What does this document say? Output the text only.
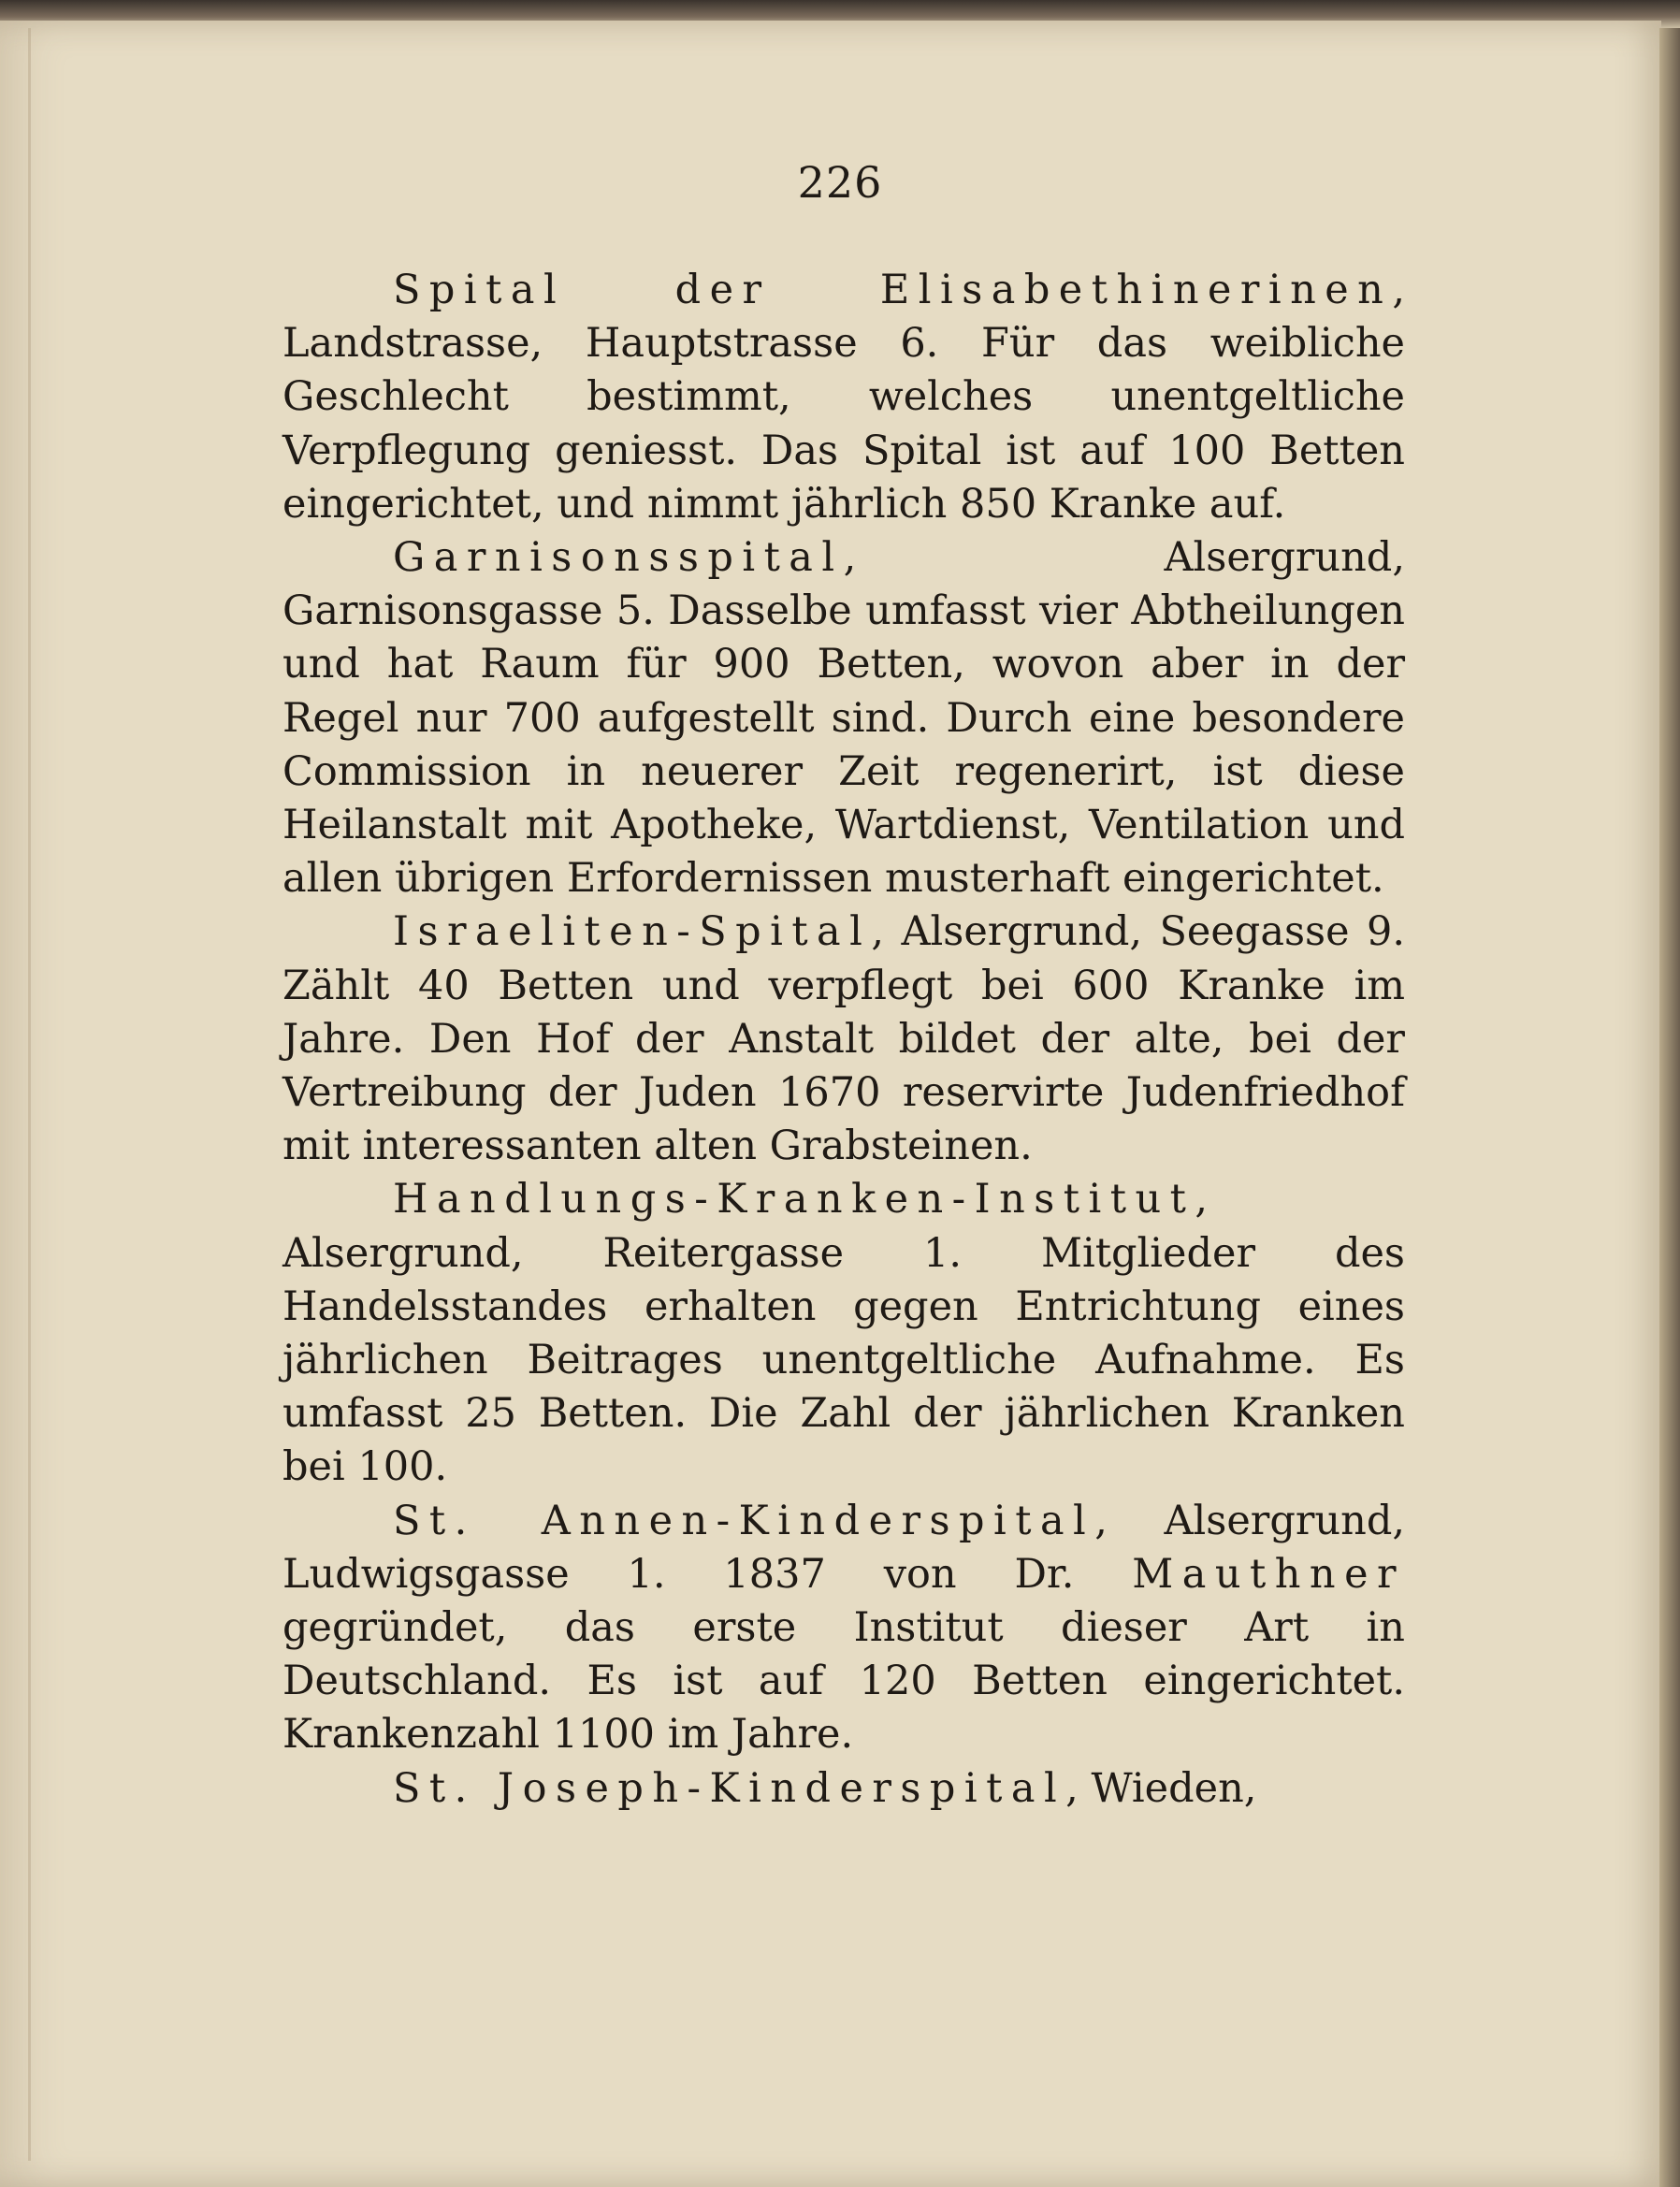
226

Spital der Elisabethinerinen, Landstrasse, Hauptstrasse 6. Für das weibliche Geschlecht bestimmt, welches unentgeltliche Verpflegung geniesst. Das Spital ist auf 100 Betten eingerichtet, und nimmt jährlich 850 Kranke auf.

Garnisonsspital, Alsergrund, Garnisonsgasse 5. Dasselbe umfasst vier Abtheilungen und hat Raum für 900 Betten, wovon aber in der Regel nur 700 aufgestellt sind. Durch eine besondere Commission in neuerer Zeit regenerirt, ist diese Heilanstalt mit Apotheke, Wartdienst, Ventilation und allen übrigen Erfordernissen musterhaft eingerichtet.

Israeliten-Spital, Alsergrund, Seegasse 9. Zählt 40 Betten und verpflegt bei 600 Kranke im Jahre. Den Hof der Anstalt bildet der alte, bei der Vertreibung der Juden 1670 reservirte Judenfriedhof mit interessanten alten Grabsteinen.

Handlungs-Kranken-Institut, Alsergrund, Reitergasse 1. Mitglieder des Handelsstandes erhalten gegen Entrichtung eines jährlichen Beitrages unentgeltliche Aufnahme. Es umfasst 25 Betten. Die Zahl der jährlichen Kranken bei 100.

St. Annen-Kinderspital, Alsergrund, Ludwigsgasse 1. 1837 von Dr. Mauthner gegründet, das erste Institut dieser Art in Deutschland. Es ist auf 120 Betten eingerichtet. Krankenzahl 1100 im Jahre.

St. Joseph-Kinderspital, Wieden,
